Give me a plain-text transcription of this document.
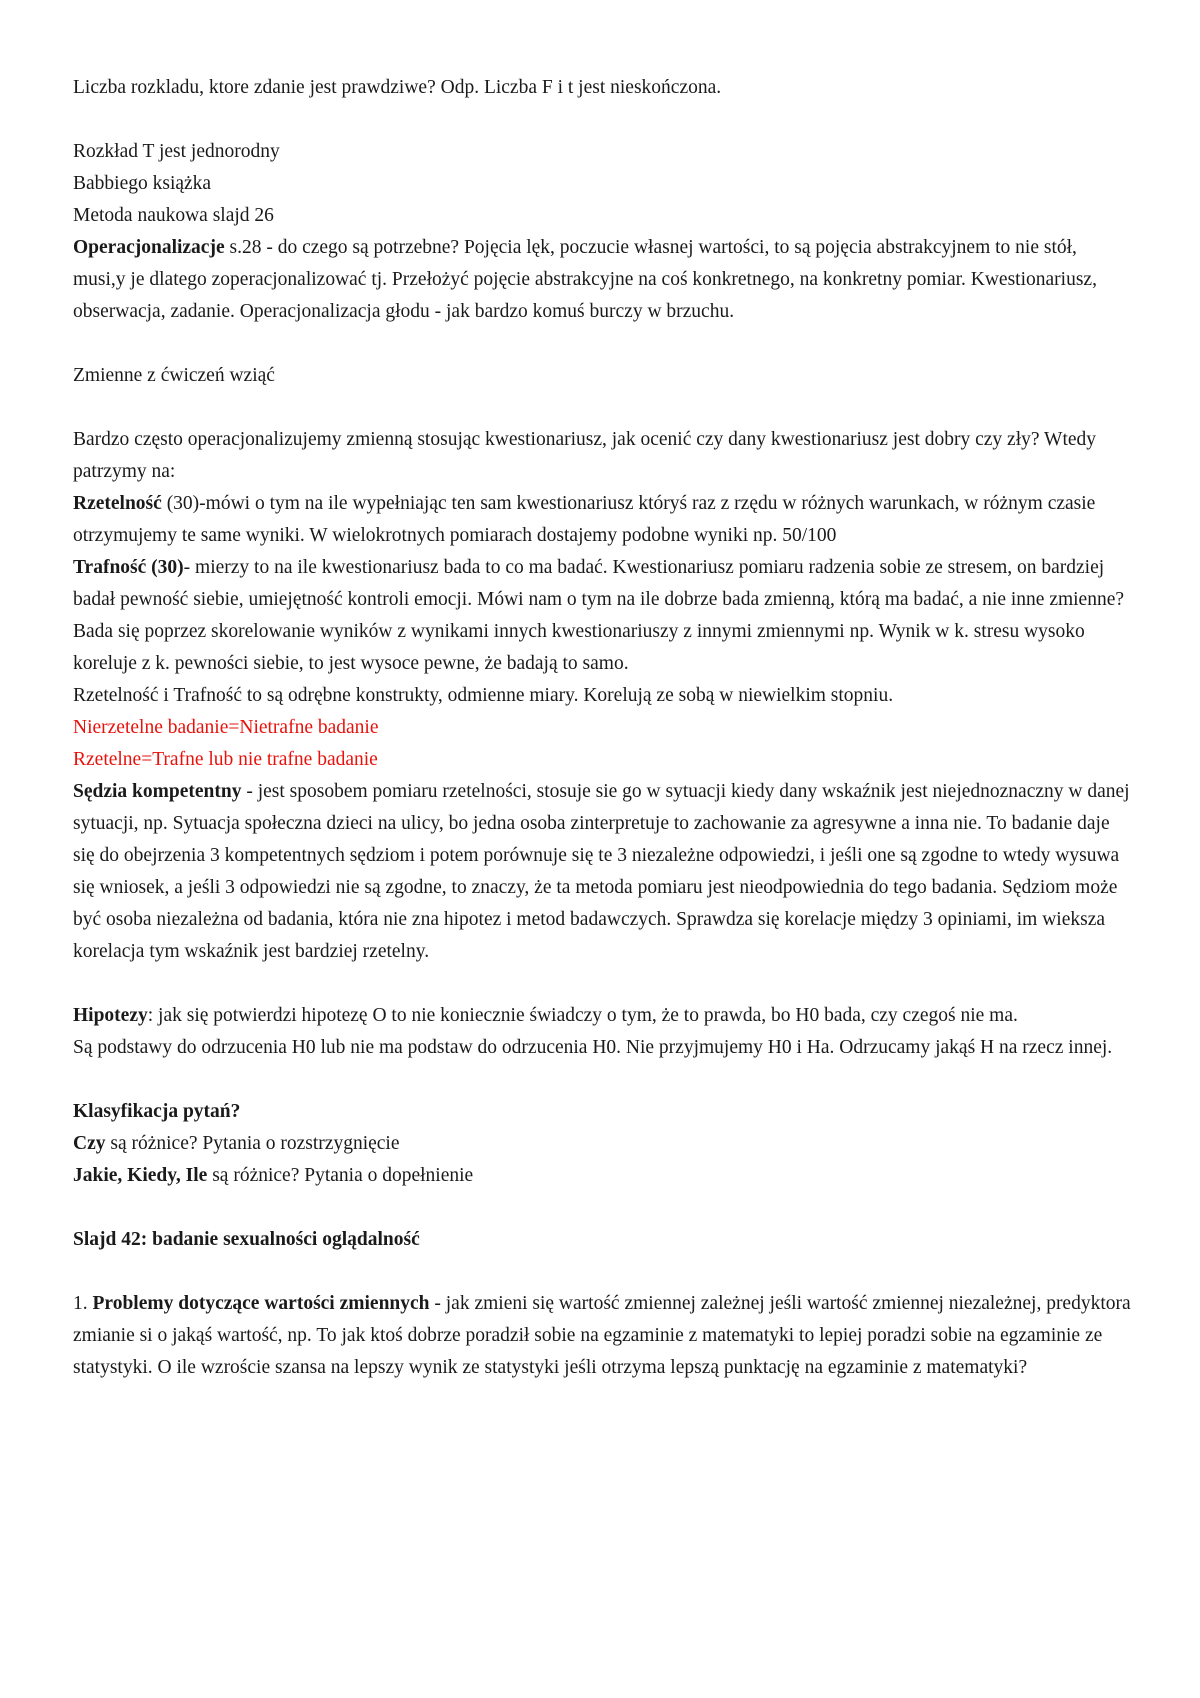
Liczba rozkladu, ktore zdanie jest prawdziwe? Odp. Liczba F i t jest nieskończona.

Rozkład T jest jednorodny

Babbiego książka

Metoda naukowa slajd 26

Operacjonalizacje s.28 - do czego są potrzebne? Pojęcia lęk, poczucie własnej wartości, to są pojęcia abstrakcyjnem to nie stół, musi,y je dlatego zoperacjonalizować tj. Przełożyć pojęcie abstrakcyjne na coś konkretnego, na konkretny pomiar. Kwestionariusz, obserwacja, zadanie. Operacjonalizacja głodu - jak bardzo komuś burczy w brzuchu.

Zmienne z ćwiczeń wziąć

Bardzo często operacjonalizujemy zmienną stosując kwestionariusz, jak ocenić czy dany kwestionariusz jest dobry czy zły? Wtedy patrzymy na:

Rzetelność (30)-mówi o tym na ile wypełniając ten sam kwestionariusz któryś raz z rzędu w różnych warunkach, w różnym czasie otrzymujemy te same wyniki. W wielokrotnych pomiarach dostajemy podobne wyniki np. 50/100

Trafność (30)- mierzy to na ile kwestionariusz bada to co ma badać. Kwestionariusz pomiaru radzenia sobie ze stresem, on bardziej badał pewność siebie, umiejętność kontroli emocji. Mówi nam o tym na ile dobrze bada zmienną, którą ma badać, a nie inne zmienne? Bada się poprzez skorelowanie wyników z wynikami innych kwestionariuszy z innymi zmiennymi np. Wynik w k. stresu wysoko koreluje z k. pewności siebie, to jest wysoce pewne, że badają to samo.

Rzetelność i Trafność to są odrębne konstrukty, odmienne miary. Korelują ze sobą w niewielkim stopniu.

Nierzetelne badanie=Nietrafne badanie

Rzetelne=Trafne lub nie trafne badanie

Sędzia kompetentny - jest sposobem pomiaru rzetelności, stosuje sie go w sytuacji kiedy dany wskaźnik jest niejednoznaczny w danej sytuacji, np. Sytuacja społeczna dzieci na ulicy, bo jedna osoba zinterpretuje to zachowanie za agresywne a inna nie. To badanie daje się do obejrzenia 3 kompetentnych sędziom i potem porównuje się te 3 niezależne odpowiedzi, i jeśli one są zgodne to wtedy wysuwa się wniosek, a jeśli 3 odpowiedzi nie są zgodne, to znaczy, że ta metoda pomiaru jest nieodpowiednia do tego badania. Sędziom może być osoba niezależna od badania, która nie zna hipotez i metod badawczych. Sprawdza się korelacje między 3 opiniami, im wieksza korelacja tym wskaźnik jest bardziej rzetelny.

Hipotezy: jak się potwierdzi hipotezę O to nie koniecznie świadczy o tym, że to prawda, bo H0 bada, czy czegoś nie ma.

Są podstawy do odrzucenia H0 lub nie ma podstaw do odrzucenia H0. Nie przyjmujemy H0 i Ha. Odrzucamy jakąś H na rzecz innej.

Klasyfikacja pytań?

Czy są różnice? Pytania o rozstrzygnięcie

Jakie, Kiedy, Ile są różnice? Pytania o dopełnienie

Slajd 42: badanie sexualności oglądalność

1. Problemy dotyczące wartości zmiennych - jak zmieni się wartość zmiennej zależnej jeśli wartość zmiennej niezależnej, predyktora zmianie si o jakąś wartość, np. To jak ktoś dobrze poradził sobie na egzaminie z matematyki to lepiej poradzi sobie na egzaminie ze statystyki. O ile wzroście szansa na lepszy wynik ze statystyki jeśli otrzyma lepszą punktację na egzaminie z matematyki?
